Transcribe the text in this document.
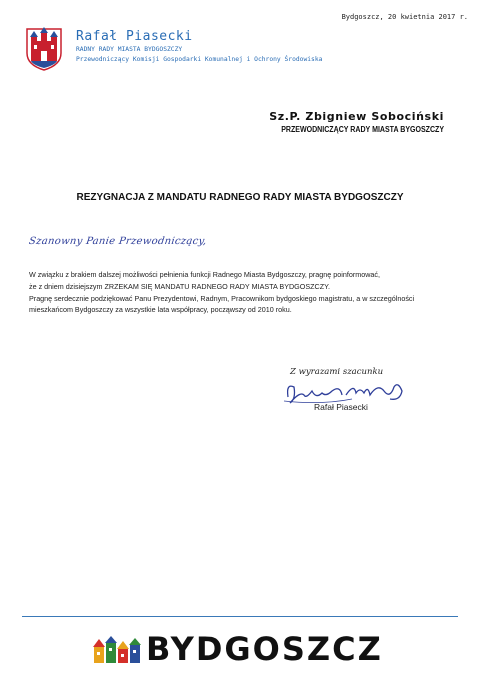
Bydgoszcz, 20 kwietnia 2017 r.
Rafał Piasecki
RADNY RADY MIASTA BYDGOSZCZY
Przewodniczący Komisji Gospodarki Komunalnej i Ochrony Środowiska
Sz.P. Zbigniew Sobociński
PRZEWODNICZĄCY RADY MIASTA BYGOSZCZY
REZYGNACJA Z MANDATU RADNEGO RADY MIASTA BYDGOSZCZY
Szanowny Panie Przewodniczący,
W związku z brakiem dalszej możliwości pełnienia funkcji Radnego Miasta Bydgoszczy, pragnę poinformować,
że z dniem dzisiejszym ZRZEKAM SIĘ MANDATU RADNEGO RADY MIASTA BYDGOSZCZY.
Pragnę serdecznie podziękować Panu Prezydentowi, Radnym, Pracownikom bydgoskiego magistratu, a w szczególności
mieszkańcom Bydgoszczy za wszystkie lata współpracy, począwszy od 2010 roku.
Z wyrazami szacunku
Rafał Piasecki
BYDGOSZCZ
